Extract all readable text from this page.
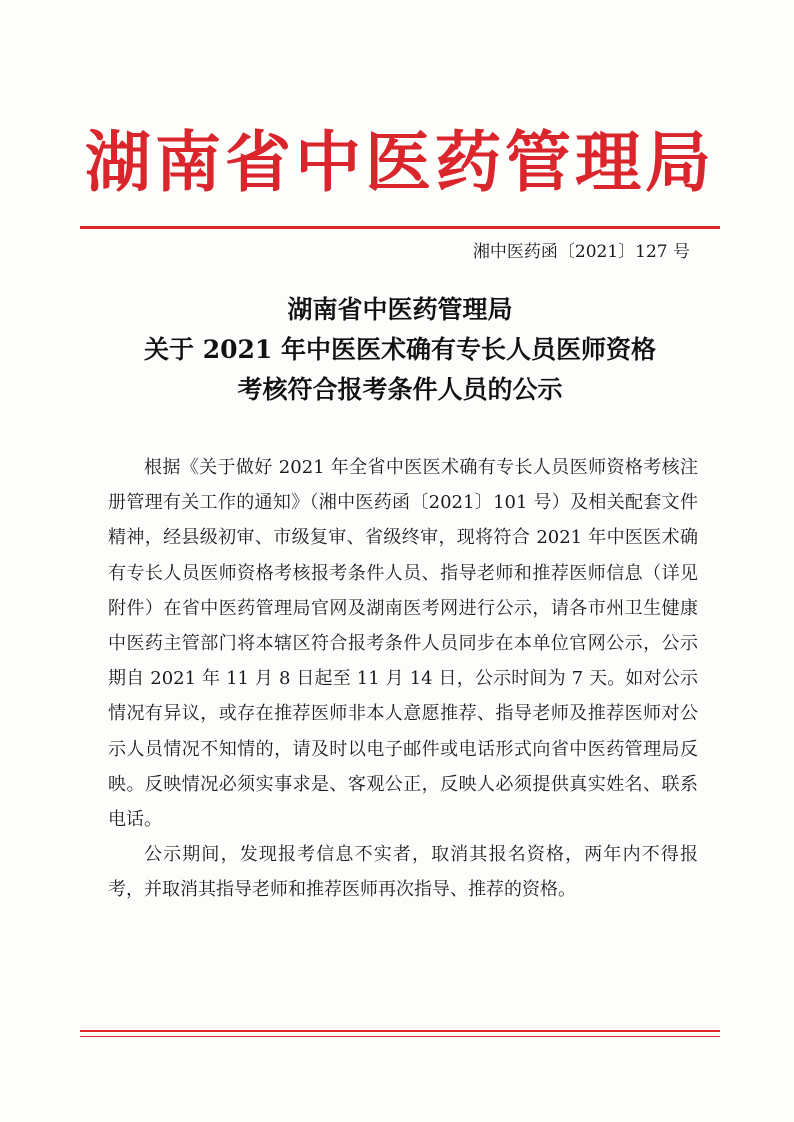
湖南省中医药管理局
湘中医药函〔2021〕127 号
湖南省中医药管理局
关于 2021 年中医医术确有专长人员医师资格
考核符合报考条件人员的公示

根据《关于做好 2021 年全省中医医术确有专长人员医师资格考核注册管理有关工作的通知》（湘中医药函〔2021〕101 号）及相关配套文件精神，经县级初审、市级复审、省级终审，现将符合 2021 年中医医术确有专长人员医师资格考核报考条件人员、指导老师和推荐医师信息（详见附件）在省中医药管理局官网及湖南医考网进行公示，请各市州卫生健康中医药主管部门将本辖区符合报考条件人员同步在本单位官网公示，公示期自 2021 年 11 月 8 日起至 11 月 14 日，公示时间为 7 天。如对公示情况有异议，或存在推荐医师非本人意愿推荐、指导老师及推荐医师对公示人员情况不知情的，请及时以电子邮件或电话形式向省中医药管理局反映。反映情况必须实事求是、客观公正，反映人必须提供真实姓名、联系电话。

公示期间，发现报考信息不实者，取消其报名资格，两年内不得报考，并取消其指导老师和推荐医师再次指导、推荐的资格。
